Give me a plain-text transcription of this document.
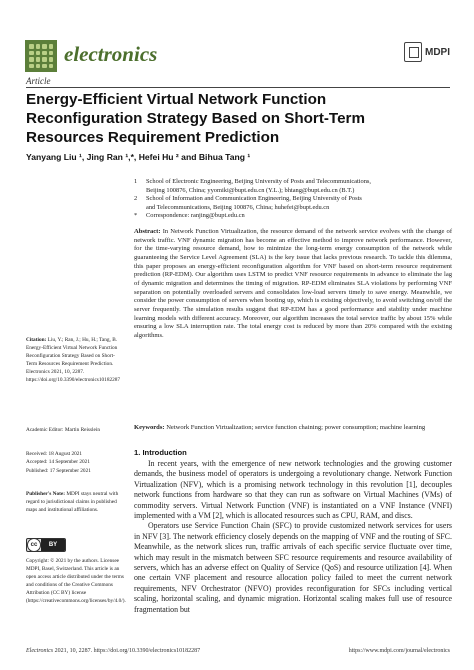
electronics	MDPI
Article
Energy-Efficient Virtual Network Function Reconfiguration Strategy Based on Short-Term Resources Requirement Prediction
Yanyang Liu ¹, Jing Ran ¹,*, Hefei Hu ² and Bihua Tang ¹
1	School of Electronic Engineering, Beijing University of Posts and Telecommunications,
Beijing 100876, China; yyomiki@bupt.edu.cn (Y.L.); bhtang@bupt.edu.cn (B.T.)
2	School of Information and Communication Engineering, Beijing University of Posts
and Telecommunications, Beijing 100876, China; huhefei@bupt.edu.cn
*	Correspondence: ranjing@bupt.edu.cn
Abstract: In Network Function Virtualization, the resource demand of the network service evolves with the change of network traffic. VNF dynamic migration has become an effective method to improve network performance. However, for the time-varying resource demand, how to minimize the long-term energy consumption of the network while guaranteeing the Service Level Agreement (SLA) is the key issue that lacks previous research. To tackle this dilemma, this paper proposes an energy-efficient reconfiguration algorithm for VNF based on short-term resource requirement prediction (RP-EDM). Our algorithm uses LSTM to predict VNF resource requirements in advance to eliminate the lag of dynamic migration and determines the timing of migration. RP-EDM eliminates SLA violations by performing VNF separation on potentially overloaded servers and consolidates low-load servers timely to save energy. Meanwhile, we consider the power consumption of servers when booting up, which is existing objectively, to avoid switching on/off the server frequently. The simulation results suggest that RP-EDM has a good performance and stability under machine learning models with different accuracy. Moreover, our algorithm increases the total service traffic by about 15% while ensuring a low SLA interruption rate. The total energy cost is reduced by more than 20% compared with the existing algorithms.
Keywords: Network Function Virtualization; service function chaining; power consumption; machine learning
Citation: Liu, Y.; Ran, J.; Hu, H.; Tang, B. Energy-Efficient Virtual Network Function Reconfiguration Strategy Based on Short-Term Resources Requirement Prediction. Electronics 2021, 10, 2287. https://doi.org/10.3390/electronics10182287
Academic Editor: Martin Reisslein
Received: 18 August 2021
Accepted: 14 September 2021
Published: 17 September 2021
Publisher's Note: MDPI stays neutral with regard to jurisdictional claims in published maps and institutional affiliations.
cc	BY
Copyright: © 2021 by the authors. Licensee MDPI, Basel, Switzerland. This article is an open access article distributed under the terms and conditions of the Creative Commons Attribution (CC BY) license (https://creativecommons.org/licenses/by/4.0/).
1. Introduction

In recent years, with the emergence of new network technologies and the growing customer demands, the business model of operators is undergoing a revolutionary change. Network Function Virtualization (NFV), which is a promising network technology in this revolution [1], decouples network functions from hardware so that they can run as software on Virtual Machines (VMs) of commodity servers. Virtual Network Function (VNF) is instantiated on a VNF Instance (VNFI) implemented with a VM [2], which is allocated resources such as CPU, RAM, and discs.

Operators use Service Function Chain (SFC) to provide customized network services for users in NFV [3]. The network efficiency closely depends on the mapping of VNF and the routing of SFC. Meanwhile, as the network slices run, traffic arrivals of each specific service fluctuate over time, which may result in the mismatch between SFC resource requirements and resource availability of servers, which has an adverse effect on Quality of Service (QoS) and resource utilization [4]. When one certain VNF placement and resource allocation policy failed to meet the current network requirements, NFV Orchestrator (NFVO) provides reconfiguration for SFCs including vertical scaling, horizontal scaling, and dynamic migration. Horizontal scaling makes full use of resource fragmentation but

Electronics 2021, 10, 2287. https://doi.org/10.3390/electronics10182287	https://www.mdpi.com/journal/electronics
